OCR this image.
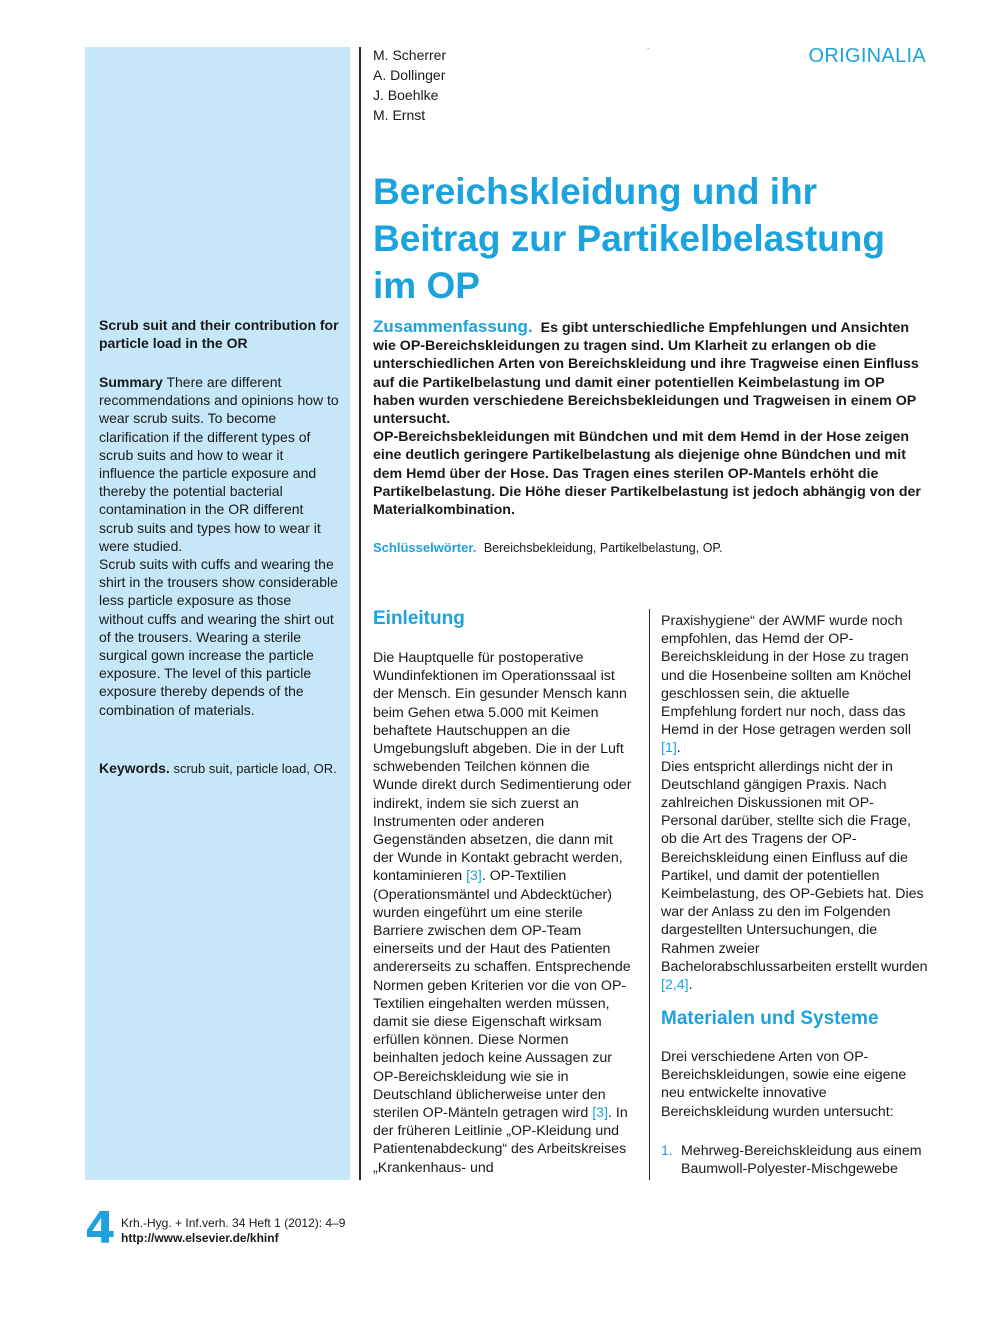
M. Scherrer
A. Dollinger
J. Boehlke
M. Ernst
-	ORIGINALIA
Bereichskleidung und ihr Beitrag zur Partikelbelastung im OP
Scrub suit and their contribution for particle load in the OR
Summary There are different recommendations and opinions how to wear scrub suits. To become clarification if the different types of scrub suits and how to wear it influence the particle exposure and thereby the potential bacterial contamination in the OR different scrub suits and types how to wear it were studied.
Scrub suits with cuffs and wearing the shirt in the trousers show considerable less particle exposure as those without cuffs and wearing the shirt out of the trousers. Wearing a sterile surgical gown increase the particle exposure. The level of this particle exposure thereby depends of the combination of materials.
Keywords. scrub suit, particle load, OR.
Zusammenfassung. Es gibt unterschiedliche Empfehlungen und Ansichten wie OP-Bereichskleidungen zu tragen sind. Um Klarheit zu erlangen ob die unterschiedlichen Arten von Bereichskleidung und ihre Tragweise einen Einfluss auf die Partikelbelastung und damit einer potentiellen Keimbelastung im OP haben wurden verschiedene Bereichsbekleidungen und Tragweisen in einem OP untersucht.
OP-Bereichsbekleidungen mit Bündchen und mit dem Hemd in der Hose zeigen eine deutlich geringere Partikelbelastung als diejenige ohne Bündchen und mit dem Hemd über der Hose. Das Tragen eines sterilen OP-Mantels erhöht die Partikelbelastung. Die Höhe dieser Partikelbelastung ist jedoch abhängig von der Materialkombination.
Schlüsselwörter. Bereichsbekleidung, Partikelbelastung, OP.
Einleitung
Die Hauptquelle für postoperative Wundinfektionen im Operationssaal ist der Mensch. Ein gesunder Mensch kann beim Gehen etwa 5.000 mit Keimen behaftete Hautschuppen an die Umgebungsluft abgeben. Die in der Luft schwebenden Teilchen können die Wunde direkt durch Sedimentierung oder indirekt, indem sie sich zuerst an Instrumenten oder anderen Gegenständen absetzen, die dann mit der Wunde in Kontakt gebracht werden, kontaminieren [3]. OP-Textilien (Operationsmäntel und Abdecktücher) wurden eingeführt um eine sterile Barriere zwischen dem OP-Team einerseits und der Haut des Patienten andererseits zu schaffen. Entsprechende Normen geben Kriterien vor die von OP-Textilien eingehalten werden müssen, damit sie diese Eigenschaft wirksam erfüllen können. Diese Normen beinhalten jedoch keine Aussagen zur OP-Bereichskleidung wie sie in Deutschland üblicherweise unter den sterilen OP-Mänteln getragen wird [3]. In der früheren Leitlinie „OP-Kleidung und Patientenabdeckung“ des Arbeitskreises „Krankenhaus- und
Praxishygiene“ der AWMF wurde noch empfohlen, das Hemd der OP-Bereichskleidung in der Hose zu tragen und die Hosenbeine sollten am Knöchel geschlossen sein, die aktuelle Empfehlung fordert nur noch, dass das Hemd in der Hose getragen werden soll [1].
Dies entspricht allerdings nicht der in Deutschland gängigen Praxis. Nach zahlreichen Diskussionen mit OP-Personal darüber, stellte sich die Frage, ob die Art des Tragens der OP-Bereichskleidung einen Einfluss auf die Partikel, und damit der potentiellen Keimbelastung, des OP-Gebiets hat. Dies war der Anlass zu den im Folgenden dargestellten Untersuchungen, die Rahmen zweier Bachelorabschlussarbeiten erstellt wurden [2,4].
Materialen und Systeme
Drei verschiedene Arten von OP-Bereichskleidungen, sowie eine eigene neu entwickelte innovative Bereichskleidung wurden untersucht:
1. Mehrweg-Bereichskleidung aus einem Baumwoll-Polyester-Mischgewebe
4 Krh.-Hyg. + Inf.verh. 34 Heft 1 (2012): 4–9
http://www.elsevier.de/khinf
